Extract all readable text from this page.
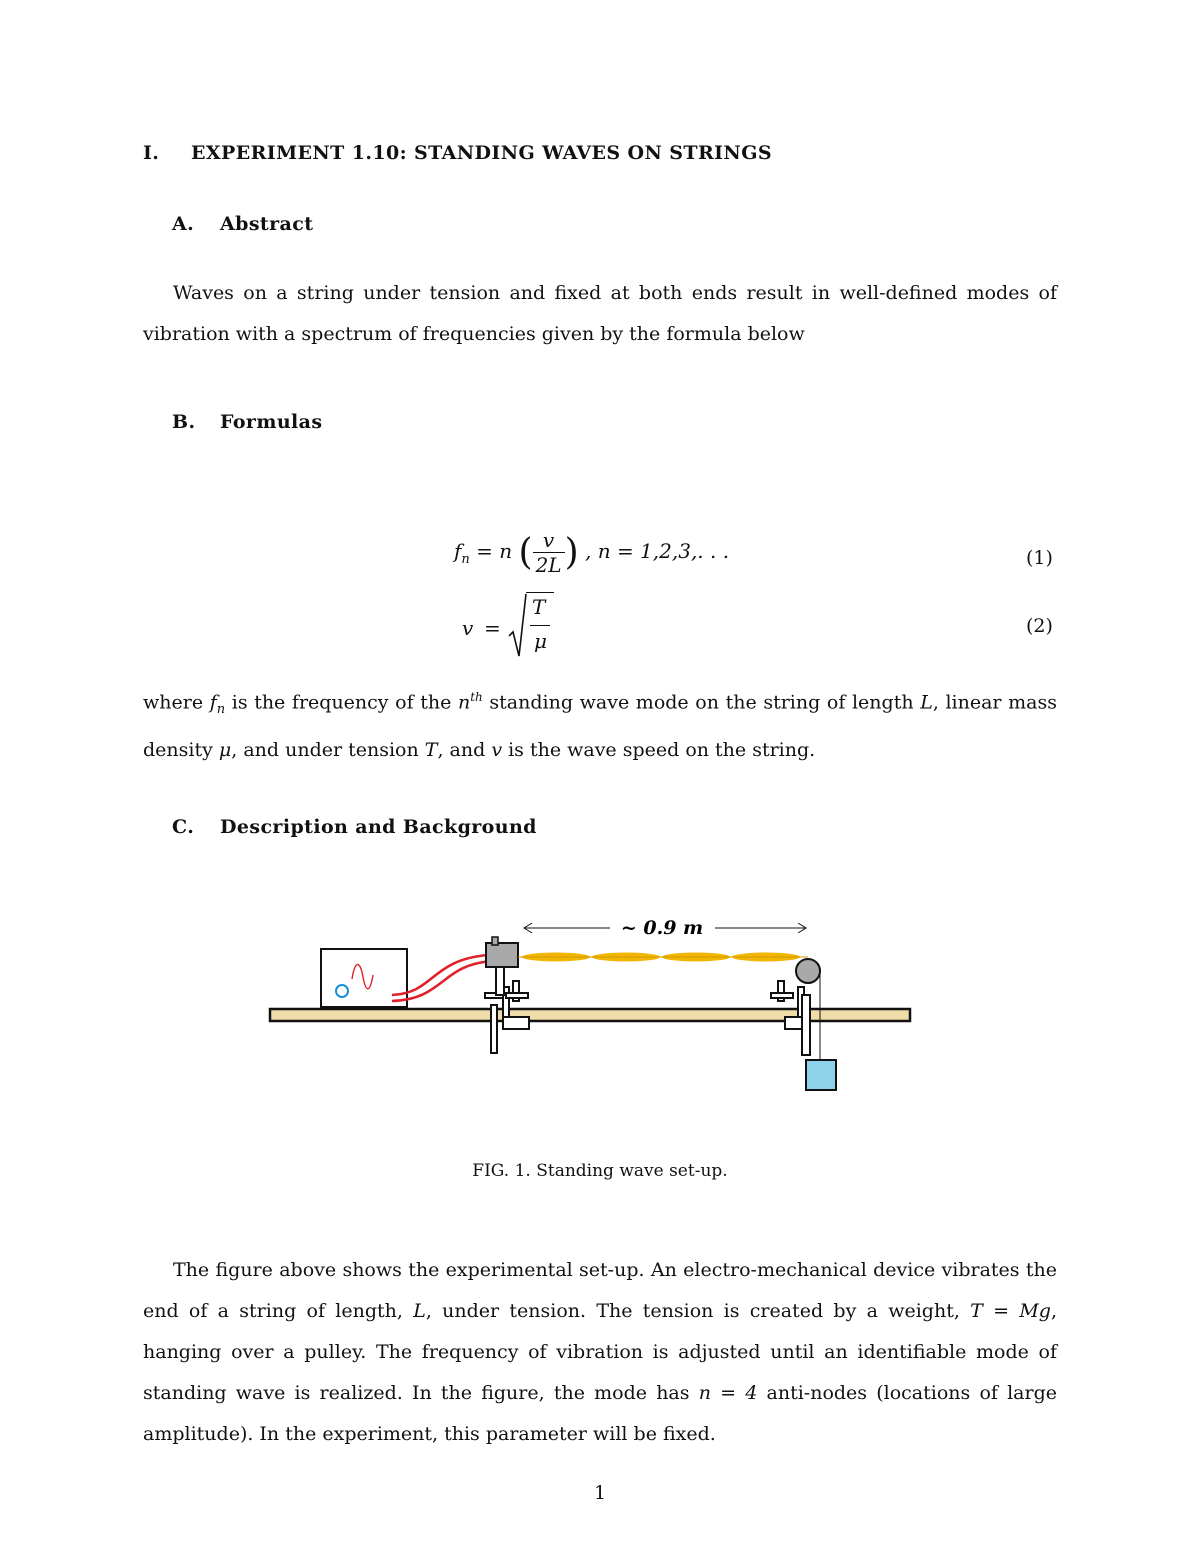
I. EXPERIMENT 1.10: STANDING WAVES ON STRINGS
A. Abstract
Waves on a string under tension and fixed at both ends result in well-defined modes of vibration with a spectrum of frequencies given by the formula below
B. Formulas
$f_n = n$ ( $\frac{v}{2L}$ ) , n = 1,2,3,. . .	(1)
v =
T
μ
(2)
where $f_n$ is the frequency of the $n^{th}$ standing wave mode on the string of length L, linear mass density μ, and under tension T, and v is the wave speed on the string.
C. Description and Background
~ 0.9 m
FIG. 1. Standing wave set-up.
The figure above shows the experimental set-up. An electro-mechanical device vibrates the end of a string of length, L, under tension. The tension is created by a weight, T = Mg, hanging over a pulley. The frequency of vibration is adjusted until an identifiable mode of standing wave is realized. In the figure, the mode has n = 4 anti-nodes (locations of large amplitude). In the experiment, this parameter will be fixed.
1
